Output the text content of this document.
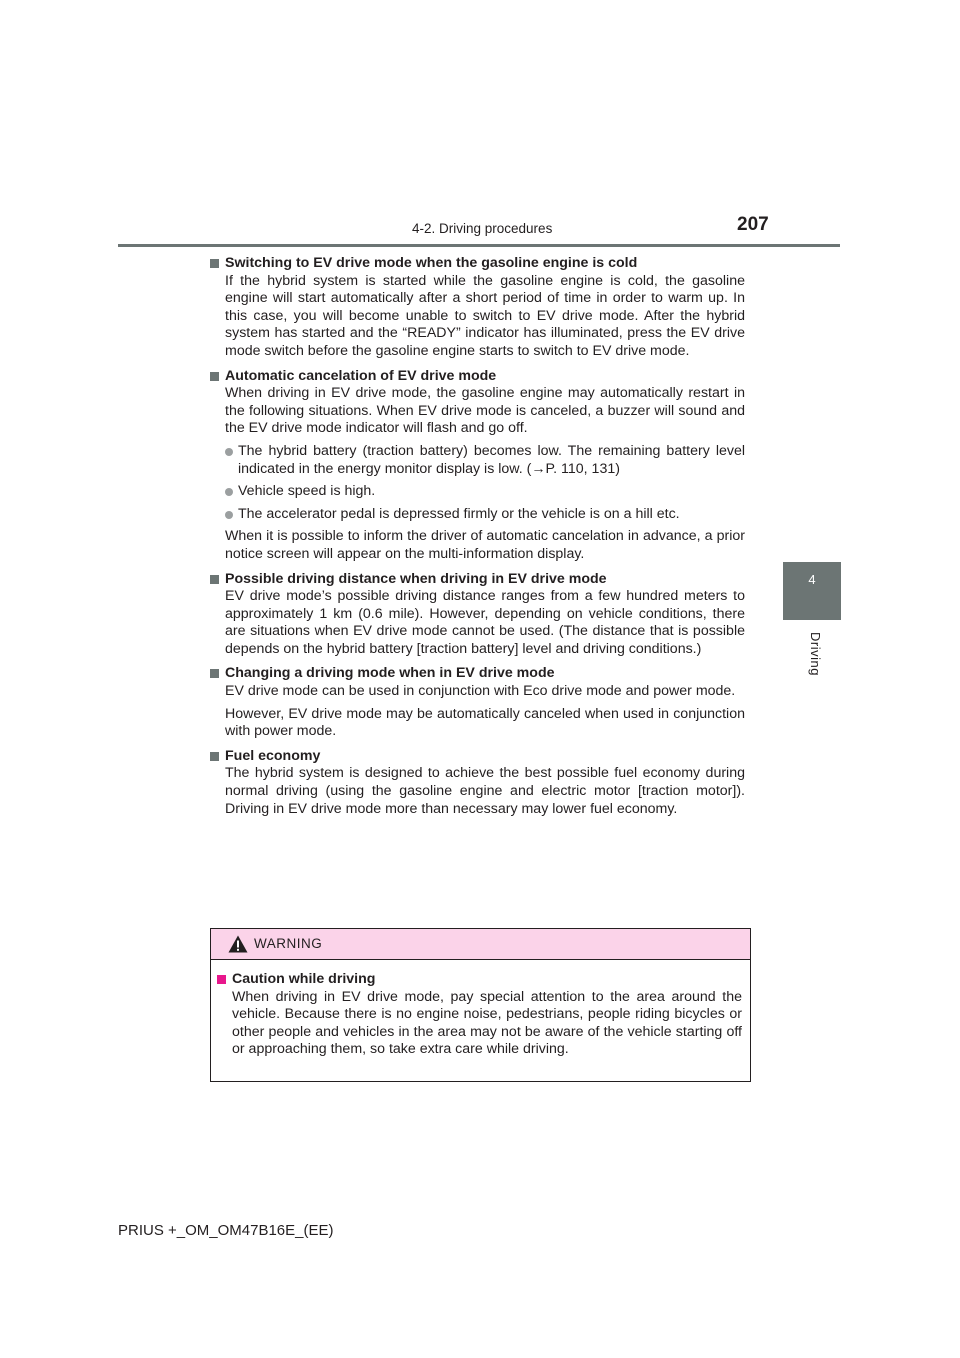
4-2. Driving procedures	207
4
Driving
Switching to EV drive mode when the gasoline engine is cold
If the hybrid system is started while the gasoline engine is cold, the gasoline engine will start automatically after a short period of time in order to warm up. In this case, you will become unable to switch to EV drive mode. After the hybrid system has started and the “READY” indicator has illuminated, press the EV drive mode switch before the gasoline engine starts to switch to EV drive mode.
Automatic cancelation of EV drive mode
When driving in EV drive mode, the gasoline engine may automatically restart in the following situations. When EV drive mode is canceled, a buzzer will sound and the EV drive mode indicator will flash and go off.
The hybrid battery (traction battery) becomes low. The remaining battery level indicated in the energy monitor display is low. (→P. 110, 131)
Vehicle speed is high.
The accelerator pedal is depressed firmly or the vehicle is on a hill etc.
When it is possible to inform the driver of automatic cancelation in advance, a prior notice screen will appear on the multi-information display.
Possible driving distance when driving in EV drive mode
EV drive mode’s possible driving distance ranges from a few hundred meters to approximately 1 km (0.6 mile). However, depending on vehicle conditions, there are situations when EV drive mode cannot be used. (The distance that is possible depends on the hybrid battery [traction battery] level and driving conditions.)
Changing a driving mode when in EV drive mode
EV drive mode can be used in conjunction with Eco drive mode and power mode.
However, EV drive mode may be automatically canceled when used in conjunction with power mode.
Fuel economy
The hybrid system is designed to achieve the best possible fuel economy during normal driving (using the gasoline engine and electric motor [traction motor]). Driving in EV drive mode more than necessary may lower fuel economy.
WARNING
Caution while driving
When driving in EV drive mode, pay special attention to the area around the vehicle. Because there is no engine noise, pedestrians, people riding bicycles or other people and vehicles in the area may not be aware of the vehicle starting off or approaching them, so take extra care while driving.
PRIUS +_OM_OM47B16E_(EE)
